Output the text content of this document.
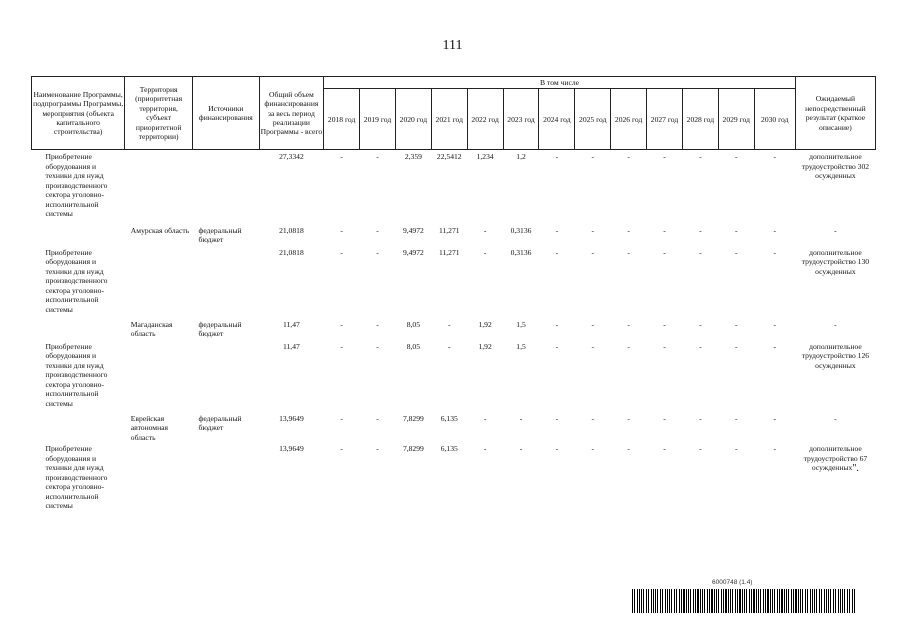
111
Наименование Программы, подпрограммы Программы, мероприятия (объекта капитального строительства)	Территория (приоритетная территория, субъект приоритетной территории)	Источники финансирования	Общий объем финансирования за весь период реализации Программы - всего	В том числе													Ожидаемый непосредственный результат (краткое описание)
				2018 год	2019 год	2020 год	2021 год	2022 год	2023 год	2024 год	2025 год	2026 год	2027 год	2028 год	2029 год	2030 год	
Приобретение оборудования и техники для нужд производственного сектора уголовно-исполнительной системы			27,3342	-	-	2,359	22,5412	1,234	1,2	-	-	-	-	-	-	-	дополнительное трудоустройство 302 осужденных
	Амурская область	федеральный бюджет	21,0818	-	-	9,4972	11,271	-	0,3136	-	-	-	-	-	-	-	-
Приобретение оборудования и техники для нужд производственного сектора уголовно-исполнительной системы			21,0818	-	-	9,4972	11,271	-	0,3136	-	-	-	-	-	-	-	дополнительное трудоустройство 130 осужденных
	Магаданская область	федеральный бюджет	11,47	-	-	8,05	-	1,92	1,5	-	-	-	-	-	-	-	-
Приобретение оборудования и техники для нужд производственного сектора уголовно-исполнительной системы			11,47	-	-	8,05	-	1,92	1,5	-	-	-	-	-	-	-	дополнительное трудоустройство 126 осужденных
	Еврейская автономная область	федеральный бюджет	13,9649	-	-	7,8299	6,135	-	-	-	-	-	-	-	-	-	-
Приобретение оборудования и техники для нужд производственного сектора уголовно-исполнительной системы			13,9649	-	-	7,8299	6,135	-	-	-	-	-	-	-	-	-	дополнительное трудоустройство 67 осужденных".
6000748 (1.4)
